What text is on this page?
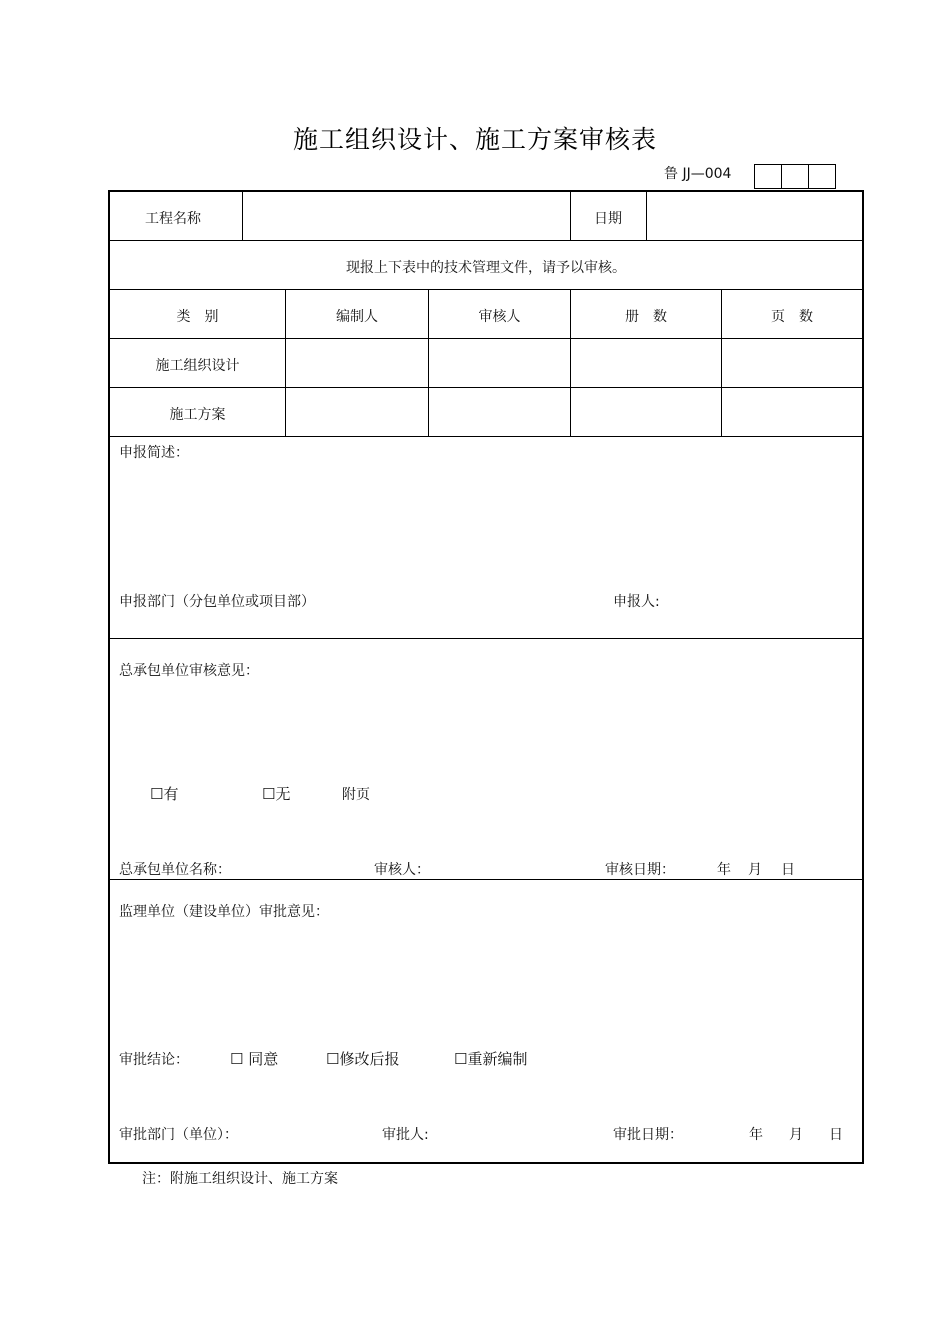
施工组织设计、施工方案审核表
鲁 JJ—004
工程名称	日期
现报上下表中的技术管理文件，请予以审核。
类　别	编制人	审核人	册　数	页　数
施工组织设计
施工方案
申报简述：
申报部门（分包单位或项目部）	申报人:
总承包单位审核意见：
☐有	☐无	附页
总承包单位名称：	审核人：	审核日期：	年 月 日
监理单位（建设单位）审批意见：
审批结论：	☐ 同意	☐修改后报	☐重新编制
审批部门（单位）：	审批人:	审批日期：	年 月 日
注：附施工组织设计、施工方案
